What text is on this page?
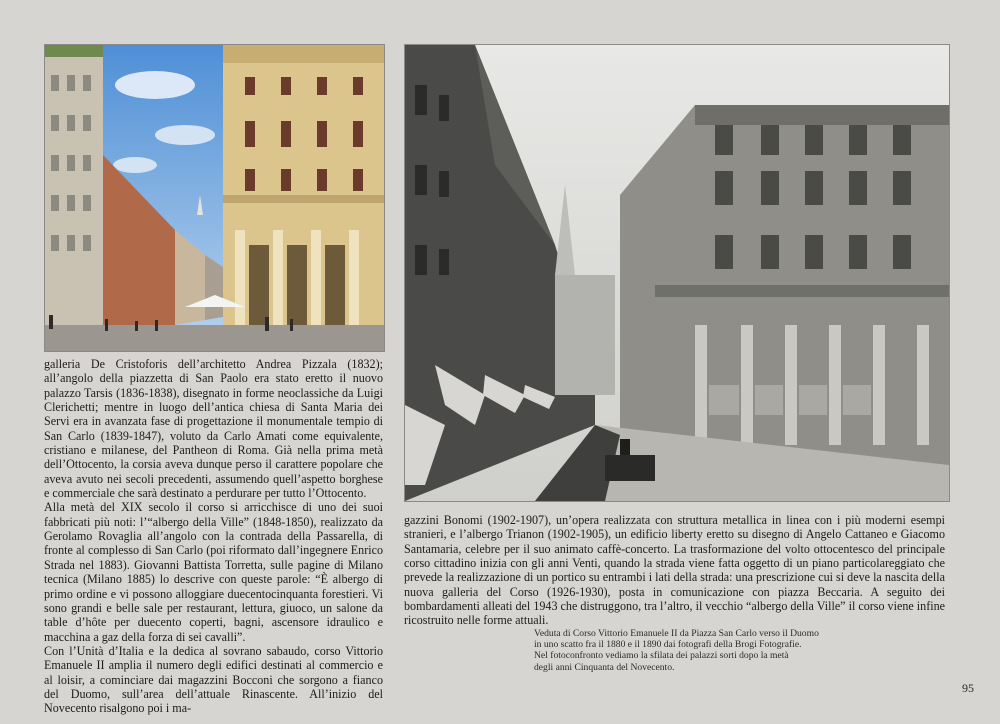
galleria De Cristoforis dell’architetto Andrea Pizzala (1832); all’angolo della piazzetta di San Paolo era stato eretto il nuovo palazzo Tarsis (1836-1838), disegnato in forme neoclassiche da Luigi Clerichetti; mentre in luogo dell’antica chiesa di Santa Maria dei Servi era in avanzata fase di progettazione il monumentale tempio di San Carlo (1839-1847), voluto da Carlo Amati come equivalente, cristiano e milanese, del Pantheon di Roma. Già nella prima metà dell’Ottocento, la corsia aveva dunque perso il carattere popolare che aveva avuto nei secoli precedenti, assumendo quell’aspetto borghese e commerciale che sarà destinato a perdurare per tutto l’Ottocento.

Alla metà del XIX secolo il corso si arricchisce di uno dei suoi fabbricati più noti: l’“albergo della Ville” (1848-1850), realizzato da Gerolamo Rovaglia all’angolo con la contrada della Passarella, di fronte al complesso di San Carlo (poi riformato dall’ingegnere Enrico Strada nel 1883). Giovanni Battista Torretta, sulle pagine di Milano tecnica (Milano 1885) lo descrive con queste parole: “È albergo di primo ordine e vi possono alloggiare duecentocinquanta forestieri. Vi sono grandi e belle sale per restaurant, lettura, giuoco, un salone da table d’hôte per duecento coperti, bagni, ascensore idraulico e macchina a gaz della forza di sei cavalli”.

Con l’Unità d’Italia e la dedica al sovrano sabaudo, corso Vittorio Emanuele II amplia il numero degli edifici destinati al commercio e al loisir, a cominciare dai magazzini Bocconi che sorgono a fianco del Duomo, sull’area dell’attuale Rinascente. All’inizio del Novecento risalgono poi i ma-

gazzini Bonomi (1902-1907), un’opera realizzata con struttura metallica in linea con i più moderni esempi stranieri, e l’albergo Trianon (1902-1905), un edificio liberty eretto su disegno di Angelo Cattaneo e Giacomo Santamaria, celebre per il suo animato caffè-concerto. La trasformazione del volto ottocentesco del principale corso cittadino inizia con gli anni Venti, quando la strada viene fatta oggetto di un piano particolareggiato che prevede la realizzazione di un portico su entrambi i lati della strada: una prescrizione cui si deve la nascita della nuova galleria del Corso (1926-1930), posta in comunicazione con piazza Beccaria. A seguito dei bombardamenti alleati del 1943 che distruggono, tra l’altro, il vecchio “albergo della Ville” il corso viene infine ricostruito nelle forme attuali.

Veduta di Corso Vittorio Emanuele II da Piazza San Carlo verso il Duomo
in uno scatto fra il 1880 e il 1890 dai fotografi della Brogi Fotografie.
Nel fotoconfronto vediamo la sfilata dei palazzi sorti dopo la metà
degli anni Cinquanta del Novecento.
95
